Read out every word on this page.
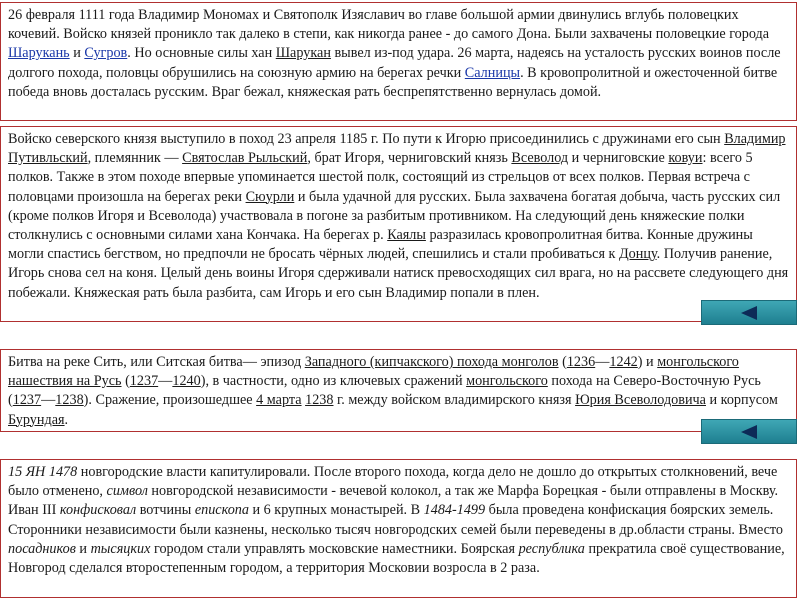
26 февраля 1111 года Владимир Мономах и Святополк Изяславич во главе большой армии двинулись вглубь половецких кочевий. Войско князей проникло так далеко в степи, как никогда ранее - до самого Дона. Были захвачены половецкие города Шарукань и Сугров. Но основные силы хан Шарукан вывел из-под удара. 26 марта, надеясь на усталость русских воинов после долгого похода, половцы обрушились на союзную армию на берегах речки Салницы. В кровопролитной и ожесточенной битве победа вновь досталась русским. Враг бежал, княжеская рать беспрепятственно вернулась домой.

Войско северского князя выступило в поход 23 апреля 1185 г. По пути к Игорю присоединились с дружинами его сын Владимир Путивльский, племянник — Святослав Рыльский, брат Игоря, черниговский князь Всеволод и черниговские ковуи: всего 5 полков. Также в этом походе впервые упоминается шестой полк, состоящий из стрельцов от всех полков. Первая встреча с половцами произошла на берегах реки Сюурли и была удачной для русских. Была захвачена богатая добыча, часть русских сил (кроме полков Игоря и Всеволода) участвовала в погоне за разбитым противником. На следующий день княжеские полки столкнулись с основными силами хана Кончака. На берегах р. Каялы разразилась кровопролитная битва. Конные дружины могли спастись бегством, но предпочли не бросать чёрных людей, спешились и стали пробиваться к Донцу. Получив ранение, Игорь снова сел на коня. Целый день воины Игоря сдерживали натиск превосходящих сил врага, но на рассвете следующего дня побежали. Княжеская рать была разбита, сам Игорь и его сын Владимир попали в плен.

Битва на реке Сить, или Ситская битва— эпизод Западного (кипчакского) похода монголов (1236—1242) и монгольского нашествия на Русь (1237—1240), в частности, одно из ключевых сражений монгольского похода на Северо-Восточную Русь (1237—1238). Сражение, произошедшее 4 марта 1238 г. между войском владимирского князя Юрия Всеволодовича и корпусом Бурундая.

15 ЯН 1478 новгородские власти капитулировали. После второго похода, когда дело не дошло до открытых столкновений, вече было отменено, символ новгородской независимости - вечевой колокол, а так же Марфа Борецкая - были отправлены в Москву. Иван III конфисковал вотчины епископа и 6 крупных монастырей. В 1484-1499 была проведена конфискация боярских земель. Сторонники независимости были казнены, несколько тысяч новгородских семей были переведены в др.области страны. Вместо посадников и тысяцких городом стали управлять московские наместники. Боярская республика прекратила своё существование, Новгород сделался второстепенным городом, а территория Московии возросла в 2 раза.
